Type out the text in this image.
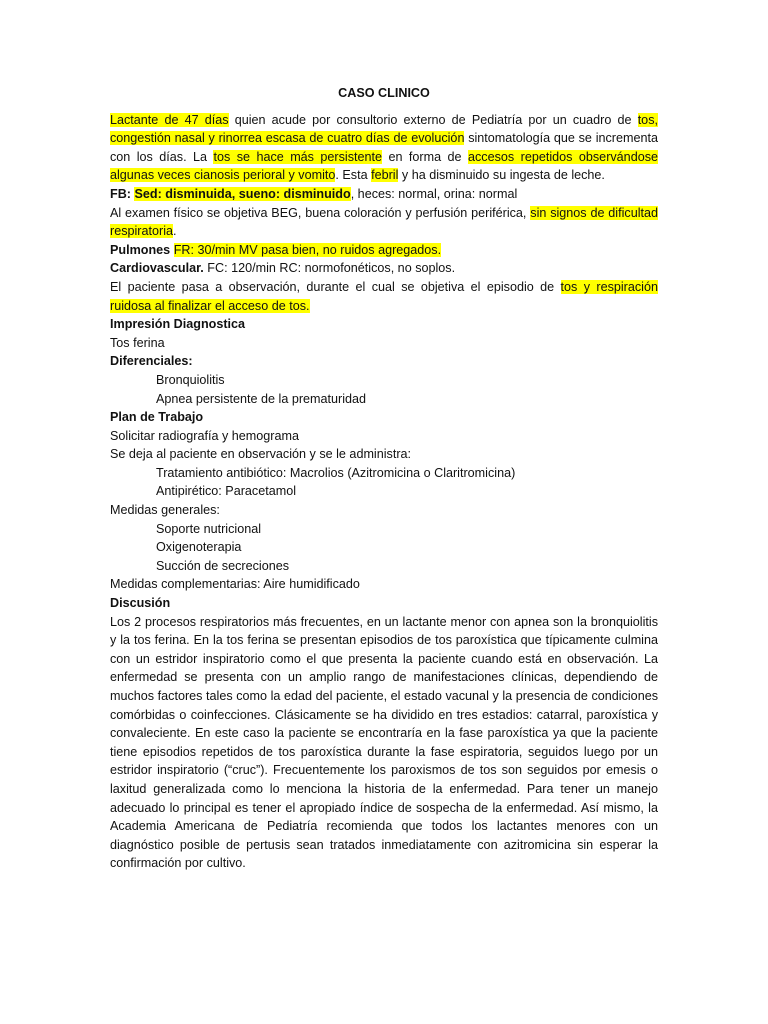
CASO CLINICO

Lactante de 47 días quien acude por consultorio externo de Pediatría por un cuadro de tos, congestión nasal y rinorrea escasa de cuatro días de evolución sintomatología que se incrementa con los días. La tos se hace más persistente en forma de accesos repetidos observándose algunas veces cianosis perioral y vomito. Esta febril y ha disminuido su ingesta de leche.

FB: Sed: disminuida, sueno: disminuido, heces: normal, orina: normal

Al examen físico se objetiva BEG, buena coloración y perfusión periférica, sin signos de dificultad respiratoria.

Pulmones FR: 30/min MV pasa bien, no ruidos agregados.

Cardiovascular. FC: 120/min RC: normofonéticos, no soplos.

El paciente pasa a observación, durante el cual se objetiva el episodio de tos y respiración ruidosa al finalizar el acceso de tos.

Impresión Diagnostica

Tos ferina

Diferenciales:

Bronquiolitis

Apnea persistente de la prematuridad

Plan de Trabajo

Solicitar radiografía y hemograma

Se deja al paciente en observación y se le administra:

Tratamiento antibiótico: Macrolios (Azitromicina o Claritromicina)

Antipirético: Paracetamol

Medidas generales:

Soporte nutricional

Oxigenoterapia

Succión de secreciones

Medidas complementarias: Aire humidificado

Discusión

Los 2 procesos respiratorios más frecuentes, en un lactante menor con apnea son la bronquiolitis y la tos ferina. En la tos ferina se presentan episodios de tos paroxística que típicamente culmina con un estridor inspiratorio como el que presenta la paciente cuando está en observación. La enfermedad se presenta con un amplio rango de manifestaciones clínicas, dependiendo de muchos factores tales como la edad del paciente, el estado vacunal y la presencia de condiciones comórbidas o coinfecciones. Clásicamente se ha dividido en tres estadios: catarral, paroxística y convaleciente. En este caso la paciente se encontraría en la fase paroxística ya que la paciente tiene episodios repetidos de tos paroxística durante la fase espiratoria, seguidos luego por un estridor inspiratorio (“cruc”). Frecuentemente los paroxismos de tos son seguidos por emesis o laxitud generalizada como lo menciona la historia de la enfermedad. Para tener un manejo adecuado lo principal es tener el apropiado índice de sospecha de la enfermedad. Así mismo, la Academia Americana de Pediatría recomienda que todos los lactantes menores con un diagnóstico posible de pertusis sean tratados inmediatamente con azitromicina sin esperar la confirmación por cultivo.
